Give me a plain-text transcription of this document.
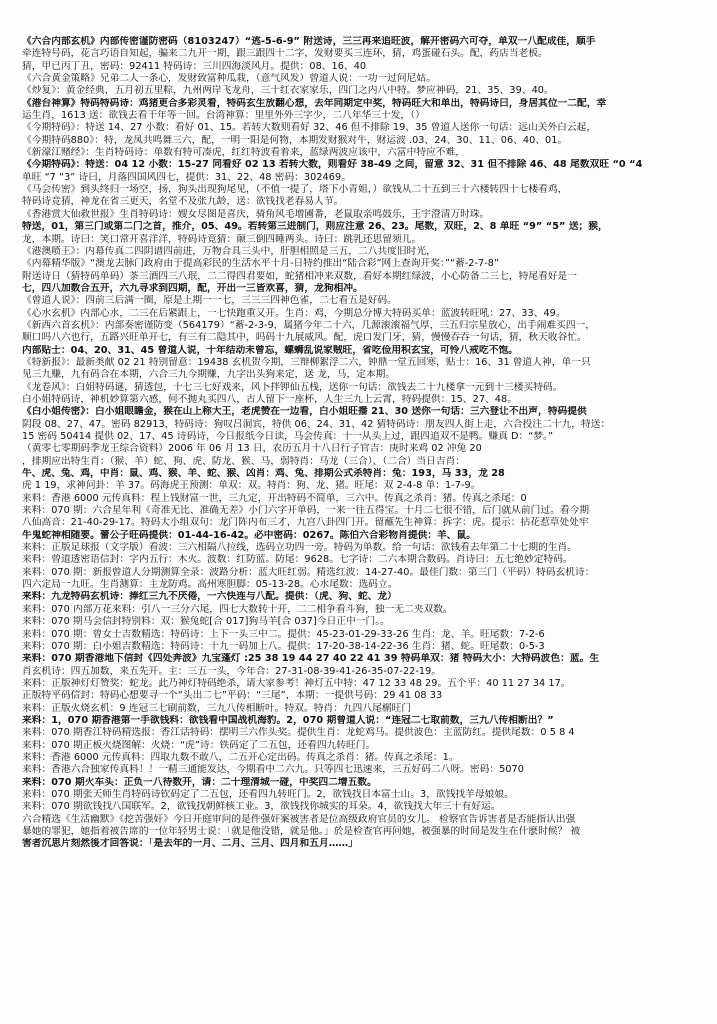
《六合内部玄机》内部传密谨防密码（8103247）“逃-5-6-9” 附送诗，三三再来追旺波，解开密码六可夺，单双一八配成佳，顺手
牵连特号码，花言巧语自知起，骗来二九开一期，跟三跟四十二字，发财要买三连环，猜，鸡蛋碰石头。配，药店当老板。
猜，甲已丙丁丑，密码：92411 特码诗：三川四海淡风月。提供：08、16、40
《六合黄金策略》兄弟二人一条心，发财致富种瓜栽，（意气风发）曾道人说：一功一过问尼姑。
《炒复》：黄金经典，五月初五里粽，九州两岸飞龙舟，三十红衣家家乐，四门之内八中特。梦应神码，21、35、39、40。
《港台神算》特码特码诗：鸡猪更合多彩灵看，特码玄生放翻心想，去年同期定中奖，特码旺大和单出，特码诗曰，身居其位一二配，幸
运生肖，1613 送：欲钱去看干年等一回。台湾神算：里里外外三字少，二八年华三十发，（）
《今期特码》：特送 14、27 小数：看好 01、15。若转大数则看好 32、46 但不排除 19、35 曾道人送你一句话：远山关外白云起，
《今期特码880》：特，龙凤共鸣舞三六，配，一明一阳是何物，本期发财猴对牛，财运波 .03、24、30、11、06、40、01。
《新濠江赌经》：生肖特码诗：单数有特可凑虎，红红特波看着来，蓝绿两波应该中，六富中特应不难，
《今期特码》：特送：04 12 小数：15-27 同看好 02 13 若转大数，则看好 38-49 之间，留意 32、31 但不排除 46、48 尾数双旺 “0 “4
单旺 “7 “3” 诗曰，月落四国风四七，提供：31、22、48 密码：302469。
《马会传密》到头终归一场空，扬，狗头出现狗尾见，（不值一提了，塔下小青姐，）欲钱从二十五到三十六楼转四十七楼看鸡，
特码诗竞猜，神龙在省三更天，名堂不及张九龄，送：欲钱找老春易人节。
《香港赏大仙救世报》生肖特码诗：嫂女尽图是喜庆，骑角风毛增圃番，老鼠取亲鸣鼓乐，王宇澄清万时珠。
特送，01，第三门或第二门之首，推介，05、49。若转第三进制门，则应注意 26、23。尾数，双旺，2、8 单旺 “9” “5” 送；猴，
龙，本期。诗曰：笑口常开喜洋洋，特码诗竟猜：颠三倒四睡两头。诗曰：跳乳还思留须儿。
《港澳喷王》：内幕传真二四阴谱四前进，万物合具三头中，肝胆相照是三五，二八共度旧时光，
《内幕精华版》“澳龙去脉门政府由于提高彩民的生活水平十月-日特约推出“陆合彩”网上查询开奖：”“蓄-2-7-8”
附送诗日（猜特码单码）茶三酒四三八珉，二二得四君要如，蛇猪相冲来双数，看好本期红绿波，小心防备二三七，特尾看好是一
七，四八加数合五开，六九寻求到四期，配，开出一三皆欢喜，猜，龙狗相冲。
《曾道人说》：四前三后满一圈，原是上期一一七，三三三四神色雀，二七看五是好码。
《心水玄机》内部心水，二三在后紧跟上，一七快跑重又开。生肖：鸡，今期总分博大特码买单：蓝波转旺吼：27、33、49。
《新西六首玄机》：内部奏密谨防变（564179）“蓄-2-3-9，属猪今年二十六，几源滚滚福气厚，三五归宗星放心，出手闹难买四一，
顺口吗八六也行，五路兴旺单开七，有三有二隐其中，吗码十九展威风。配，虎口发门牙，猜，慢慢吞吞一句话，猜，秋天收谷忙。
内部贴士：04、20、31、45 曾道人说，十年结动未曾忘，螺蛳乱说家贼旺，省吃俭用积玄宝，可怜八戒吃不饱。
《特新报》：最新类献 02 21 特别留意：19438 玄机贺今期，三辩柳絮浮二六，钟鼎一堂五回寒，贴士：16、31 曾道人神，单一只
见三九赚，九有码合在本期，六合三九今期赚，九字出头狗来定，送 龙，马，定本期。
《龙卷风》：白姐特码谜，猜透包，十七三七好戏来，风卜拌钾仙五栈，送你一句话：欲钱去二十九楼拿一元到十三楼买特码。
白小姐特码诗，神机妙算第六感，何不抛丸买四八，古人留下一座杯，人生三九上云霄，特码提供：15、27、48。
《白小姐传密》：白小姐眼瞻金，猴在山上称大王，老虎赞在一边看，白小姐旺播 21、30 送你一句话：三六登让不出声，特码提供
阴段 08、27、47。密码 82913，特码诗：狗叹吕洞宾，特供 06、24、31、42 猜特码诗：朋友四人街上走，六合投注二十九，特送：
15 密码 50414 提供 02、17、45 诗码诗，今日报纸今日读，马会传真：十一从头上过，跟四追双不是鸭。赚真 D：“梦。”
（黄零七零期码季龙王综合资料）2006 年 06 月 13 日，农历五月十八日行子官吉：庚时来鸡 02 冲兔 20
，排期应出特生肖：（猴、羊）蛇、狗、虎、防龙、猴、马，弱特肖：马龙（三合）、（二合）当日吉肖：
牛、虎、兔、鸡，中肖：鼠、鸡、猴、羊、蛇、猴、凶肖：鸡、兔、排期公式杀特肖：兔：193，马 33，龙 28
虎 1 19，求神问卦：羊 37。码海虎王预测：单双：双。特肖：狗、龙、猪。旺尾：双 2-4-8 单：1-7-9。
来料：香港 6000 元传真料：程上钱财富一世，三九定，开出特码不简单，三六中。传真之杀肖：猪。传真之杀尾：0
来料：070 期：六合星年利《奇准无比、准确无差》小门六字开单码，一来一往五得宝。十月二七很不错，后门就从前门过。看今期
八仙高音：21-40-29-17。特码大小组双句：龙门阵内布三才，九宫八卦四门开。留蘸先生神算：拆字：虎。提示：拈花惹草处处牢
牛鬼蛇神相随要。蕾公子旺码提供：01-44-16-42。必中密码：0267。陈伯六合彩物肖提供：羊、鼠。
来料：正版足球报（文字版）看波：三六相隔八拉线，选码立功四一旁。特码为单数。给一句话：欲钱看去年第二十七期的生肖。
来料：曾道透密语信封：字内五行：木火。波数：红防蓝。防尾：9628。七字诗：二六本期合数码。肖诗曰：五七绝妙定特码。
来料：070 期：新报曾道人分期测算全录：波路分析：蓝大旺红弱。精选红波：14-27-40。最佳门数：第三门（平码）特码玄机诗：
四六定局一九旺。生肖测算：主龙防鸡。高州寒胆脚：05-13-28。心水尾数：选码立。
来料：九龙特码玄机诗：捧红三九不厌倦，一六快连与八配。提供：（虎、狗、蛇、龙）
来料：070 内部万花来料：引八一三分六尾，四七大数转十开，二二相争看斗狗，独一无二夹双数。
来料：070 期马会信封特别料：双：猴兔蛇[合 017]狗马羊[合 037]今日正中一门。。
来料：070 期：曾女士吉数精选：特码诗：上下一头三中二。提供：45-23-01-29-33-26 生肖：龙、羊。旺尾数：7-2-6
来料：070 期：白小姐吉数精选：特码诗：十九一码加上八。提供：17-20-38-14-22-36 生肖：猪、蛇。旺尾数：0-5-3
来料：070 期香港地下信封《四处奔波》九宝蓬灯 :25 38 19 44 27 40 22 41 39 特码单双：猪 特码大小：大特码波色：蓝。生
肖玄机诗：四五加数，来五先开。主：三五一头，今年合：27-31-08-39-41-26-35-07-22-19。
来料：正版神灯灯赞奖：蛇龙。此乃神灯特码绝杀，请大家参考！神灯五中特：47 12 33 48 29。五个平：40 11 27 34 17。
正版特平码信封：特码心想要寻一个“头出二七”平码：“三尾”，本期：一提供号码：29 41 08 33
来料：正版火烧玄机：9 连冠三七刷前数，三九八传相断叶。特双。特肖：九四八尾榍旺门
来料：1，070 期香港第一手欲钱料：欲钱看中国战机海豹。2，070 期曾道人说：“连冠二七取前数，三九八传相断出？”
来料：070 期香江特码精选报：香江话特码：摆明三六作头奖。提供生肖：龙蛇鸡马。提供波色：主蓝防红。提供尾数：0 5 8 4
来料：070 期正板火烧图解：火烧：“虎”诗：铁码定了二五包，还看四九转旺门。
来料：香港 6000 元传真料：四取九数不敢八，二五开心定出码。传真之杀肖：猪。传真之杀尾：1。
来料：香港六合独家传真料！！一精三通能发达，今期看中二六九。只等四七迅速来，三五好码二八呀。密码：5070
来料：070 期火车头：正负一八待数开，请：二十理清城一碰，中奖四二增五数。
来料：070 期张天师生肖特码诗钦码定了二五包，还看四九转旺门。2，欲钱找日本富士山。3，欲钱找羊母娘娘。
来料：070 期欲钱找八国联军。2，欲钱找朝鲜核工业。3，欲钱找你城实的耳朵。4，欲钱找大年三十有好运。
六合精选《生活幽默》《挖苦强奸》今日开庭审问的是件强奸案被害者是位高级政府官员的女儿。 检察官告诉害者是否能指认出强
暴她的罪犯，她指着被告席的一位年轻男士说：「就是他没错，就是他。」於是检查官再问她，被强暴的时间是发生在什麽时候？ 被
害者沉思片刻然後才回答说：「是去年的一月、二月、三月、四月和五月……」
